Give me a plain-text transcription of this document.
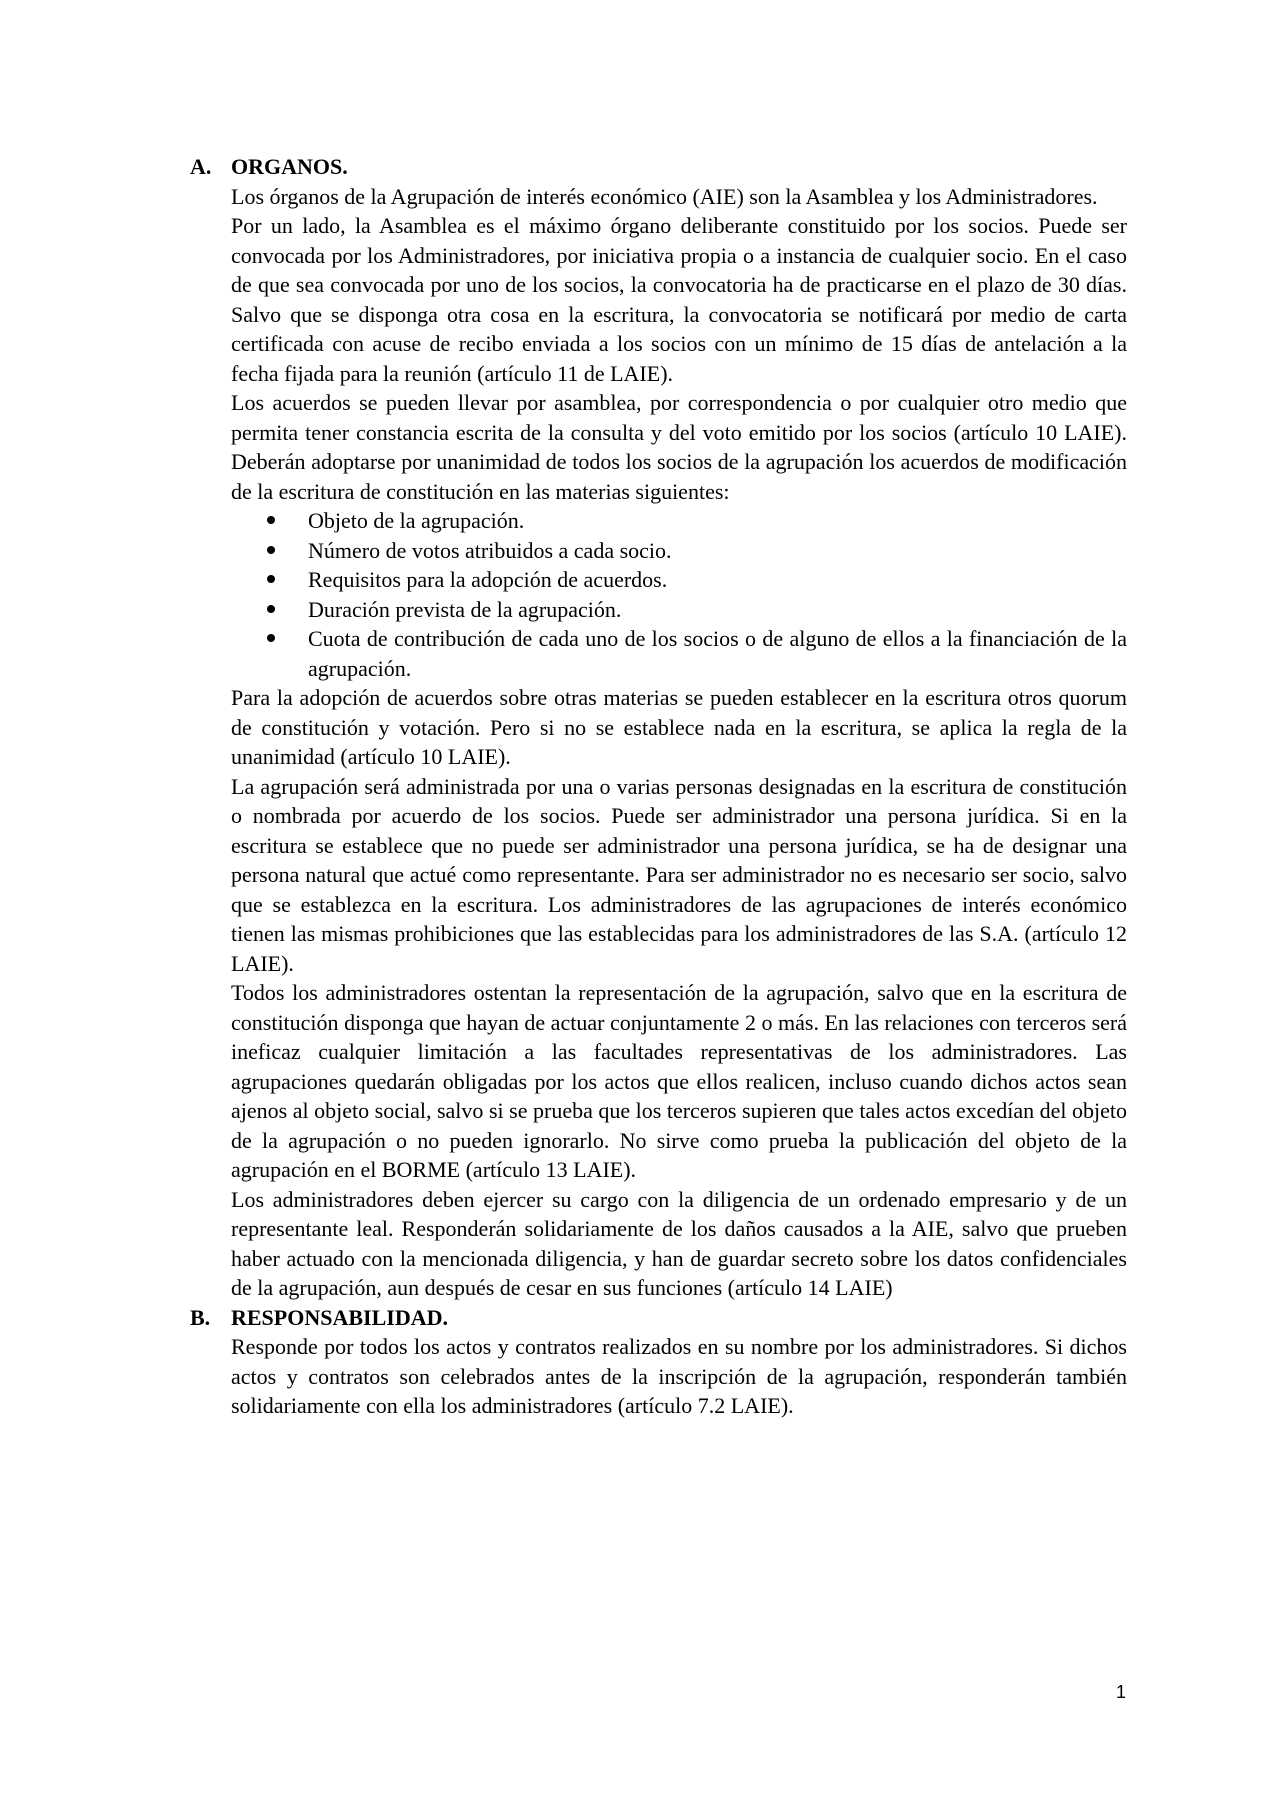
A. ORGANOS.

Los órganos de la Agrupación de interés económico (AIE) son la Asamblea y los Administradores.

Por un lado, la Asamblea es el máximo órgano deliberante constituido por los socios. Puede ser convocada por los Administradores, por iniciativa propia o a instancia de cualquier socio. En el caso de que sea convocada por uno de los socios, la convocatoria ha de practicarse en el plazo de 30 días. Salvo que se disponga otra cosa en la escritura, la convocatoria se notificará por medio de carta certificada con acuse de recibo enviada a los socios con un mínimo de 15 días de antelación a la fecha fijada para la reunión (artículo 11 de LAIE).

Los acuerdos se pueden llevar por asamblea, por correspondencia o por cualquier otro medio que permita tener constancia escrita de la consulta y del voto emitido por los socios (artículo 10 LAIE). Deberán adoptarse por unanimidad de todos los socios de la agrupación los acuerdos de modificación de la escritura de constitución en las materias siguientes:

Objeto de la agrupación.
Número de votos atribuidos a cada socio.
Requisitos para la adopción de acuerdos.
Duración prevista de la agrupación.
Cuota de contribución de cada uno de los socios o de alguno de ellos a la financiación de la agrupación.

Para la adopción de acuerdos sobre otras materias se pueden establecer en la escritura otros quorum de constitución y votación. Pero si no se establece nada en la escritura, se aplica la regla de la unanimidad (artículo 10 LAIE).

La agrupación será administrada por una o varias personas designadas en la escritura de constitución o nombrada por acuerdo de los socios. Puede ser administrador una persona jurídica. Si en la escritura se establece que no puede ser administrador una persona jurídica, se ha de designar una persona natural que actué como representante. Para ser administrador no es necesario ser socio, salvo que se establezca en la escritura. Los administradores de las agrupaciones de interés económico tienen las mismas prohibiciones que las establecidas para los administradores de las S.A. (artículo 12 LAIE).

Todos los administradores ostentan la representación de la agrupación, salvo que en la escritura de constitución disponga que hayan de actuar conjuntamente 2 o más. En las relaciones con terceros será ineficaz cualquier limitación a las facultades representativas de los administradores. Las agrupaciones quedarán obligadas por los actos que ellos realicen, incluso cuando dichos actos sean ajenos al objeto social, salvo si se prueba que los terceros supieren que tales actos excedían del objeto de la agrupación o no pueden ignorarlo. No sirve como prueba la publicación del objeto de la agrupación en el BORME (artículo 13 LAIE).

Los administradores deben ejercer su cargo con la diligencia de un ordenado empresario y de un representante leal. Responderán solidariamente de los daños causados a la AIE, salvo que prueben haber actuado con la mencionada diligencia, y han de guardar secreto sobre los datos confidenciales de la agrupación, aun después de cesar en sus funciones (artículo 14 LAIE)

B. RESPONSABILIDAD.

Responde por todos los actos y contratos realizados en su nombre por los administradores. Si dichos actos y contratos son celebrados antes de la inscripción de la agrupación, responderán también solidariamente con ella los administradores (artículo 7.2 LAIE).

1
